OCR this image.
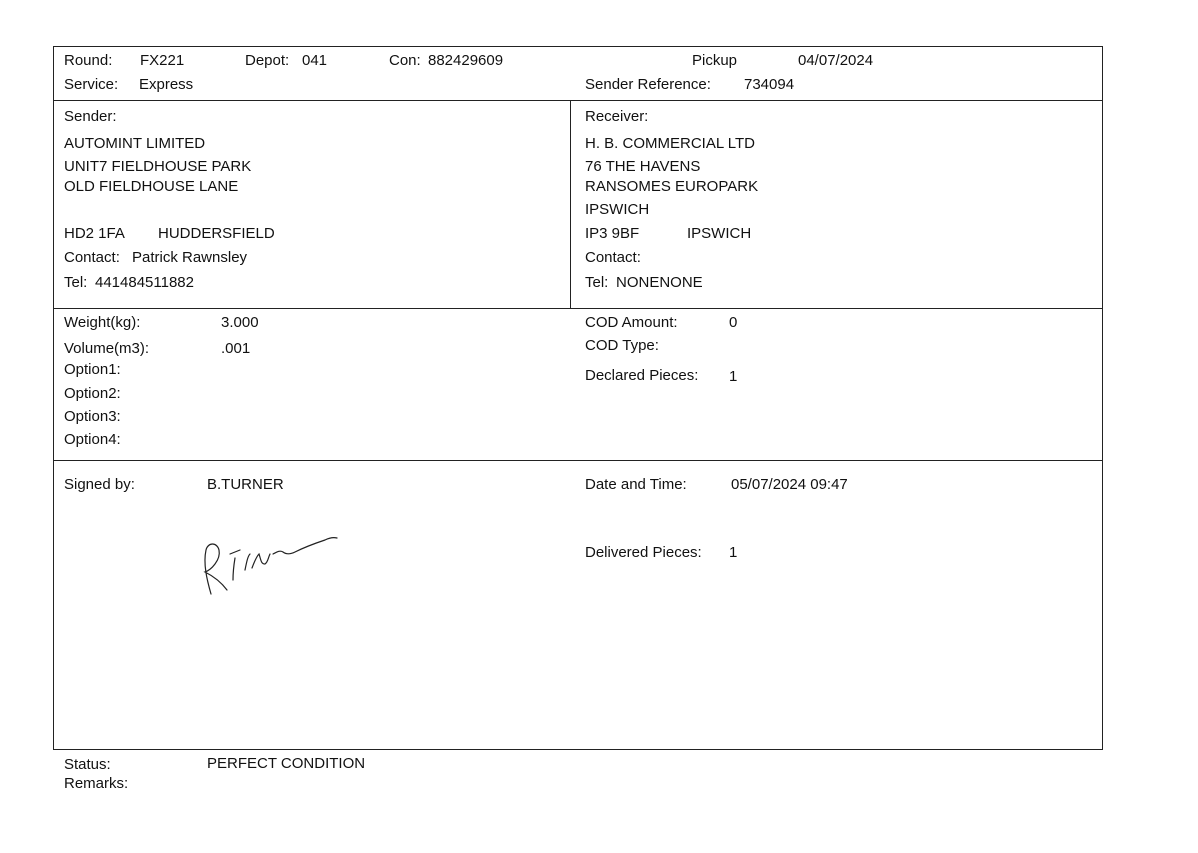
Round: FX221	Depot: 041	Con: 882429609	Pickup	04/07/2024
Service: Express	Sender Reference: 734094
Sender:
AUTOMINT LIMITED
UNIT7 FIELDHOUSE PARK
OLD FIELDHOUSE LANE
HD2 1FA HUDDERSFIELD
Contact: Patrick Rawnsley
Tel: 441484511882
Receiver:
H. B. COMMERCIAL LTD
76 THE HAVENS
RANSOMES EUROPARK
IPSWICH
IP3 9BF	IPSWICH
Contact:
Tel: NONENONE
Weight(kg):	3.000
Volume(m3):	.001
Option1:
Option2:
Option3:
Option4:
COD Amount:	0
COD Type:
Declared Pieces: 1
Signed by:	B.TURNER	Date and Time:	05/07/2024 09:47
Delivered Pieces: 1
Status:	PERFECT CONDITION
Remarks:
